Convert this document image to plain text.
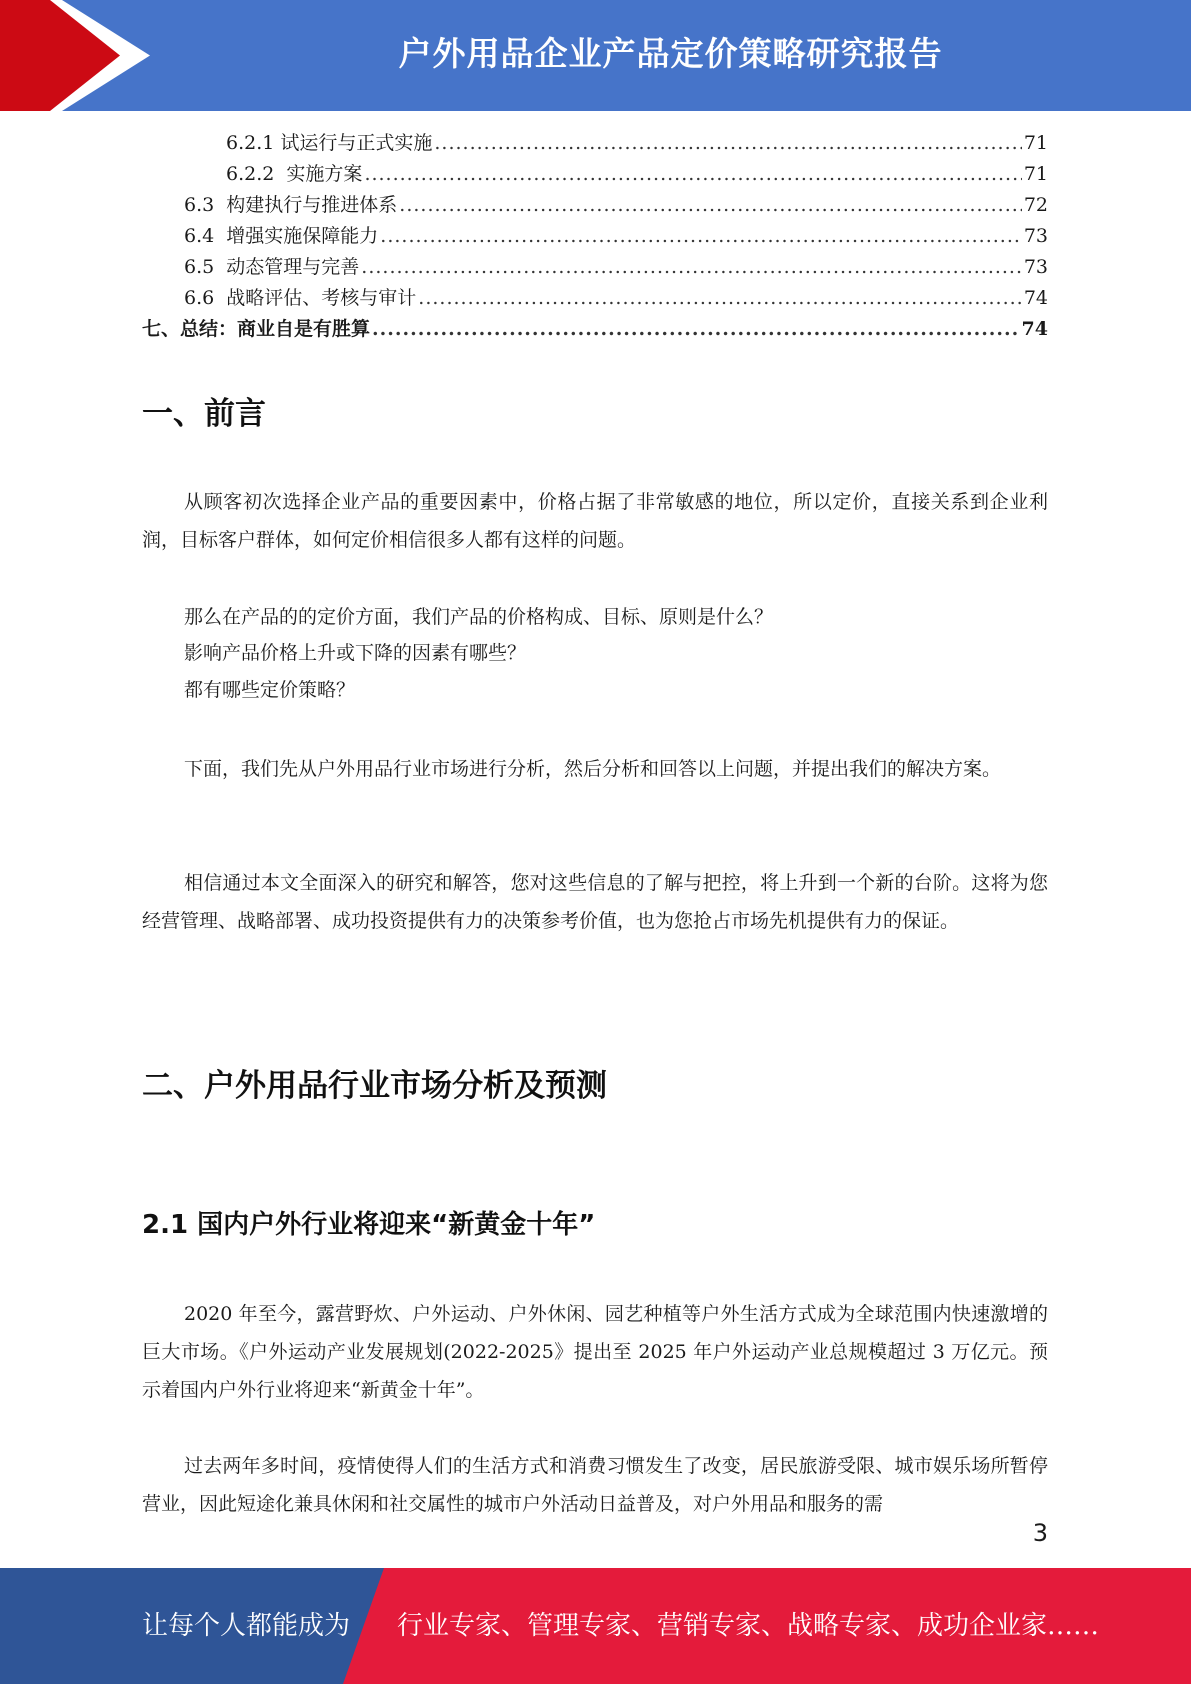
户外用品企业产品定价策略研究报告
6.2.1 试运行与正式实施 .....	71
6.2.2  实施方案 .....	71
6.3  构建执行与推进体系 .....	72
6.4  增强实施保障能力 .....	73
6.5  动态管理与完善 .....	73
6.6  战略评估、考核与审计 .....	74
七、总结：商业自是有胜算 .....	74
一、前言

从顾客初次选择企业产品的重要因素中，价格占据了非常敏感的地位，所以定价，直接关系到企业利润，目标客户群体，如何定价相信很多人都有这样的问题。

那么在产品的的定价方面，我们产品的价格构成、目标、原则是什么？

影响产品价格上升或下降的因素有哪些？

都有哪些定价策略？

下面，我们先从户外用品行业市场进行分析，然后分析和回答以上问题，并提出我们的解决方案。

相信通过本文全面深入的研究和解答，您对这些信息的了解与把控，将上升到一个新的台阶。这将为您经营管理、战略部署、成功投资提供有力的决策参考价值，也为您抢占市场先机提供有力的保证。

二、户外用品行业市场分析及预测
2.1 国内户外行业将迎来“新黄金十年”

2020 年至今，露营野炊、户外运动、户外休闲、园艺种植等户外生活方式成为全球范围内快速激增的巨大市场。《户外运动产业发展规划(2022-2025》提出至 2025 年户外运动产业总规模超过 3 万亿元。预示着国内户外行业将迎来“新黄金十年”。

过去两年多时间，疫情使得人们的生活方式和消费习惯发生了改变，居民旅游受限、城市娱乐场所暂停营业，因此短途化兼具休闲和社交属性的城市户外活动日益普及，对户外用品和服务的需

3
让每个人都能成为 行业专家、管理专家、营销专家、战略专家、成功企业家……
